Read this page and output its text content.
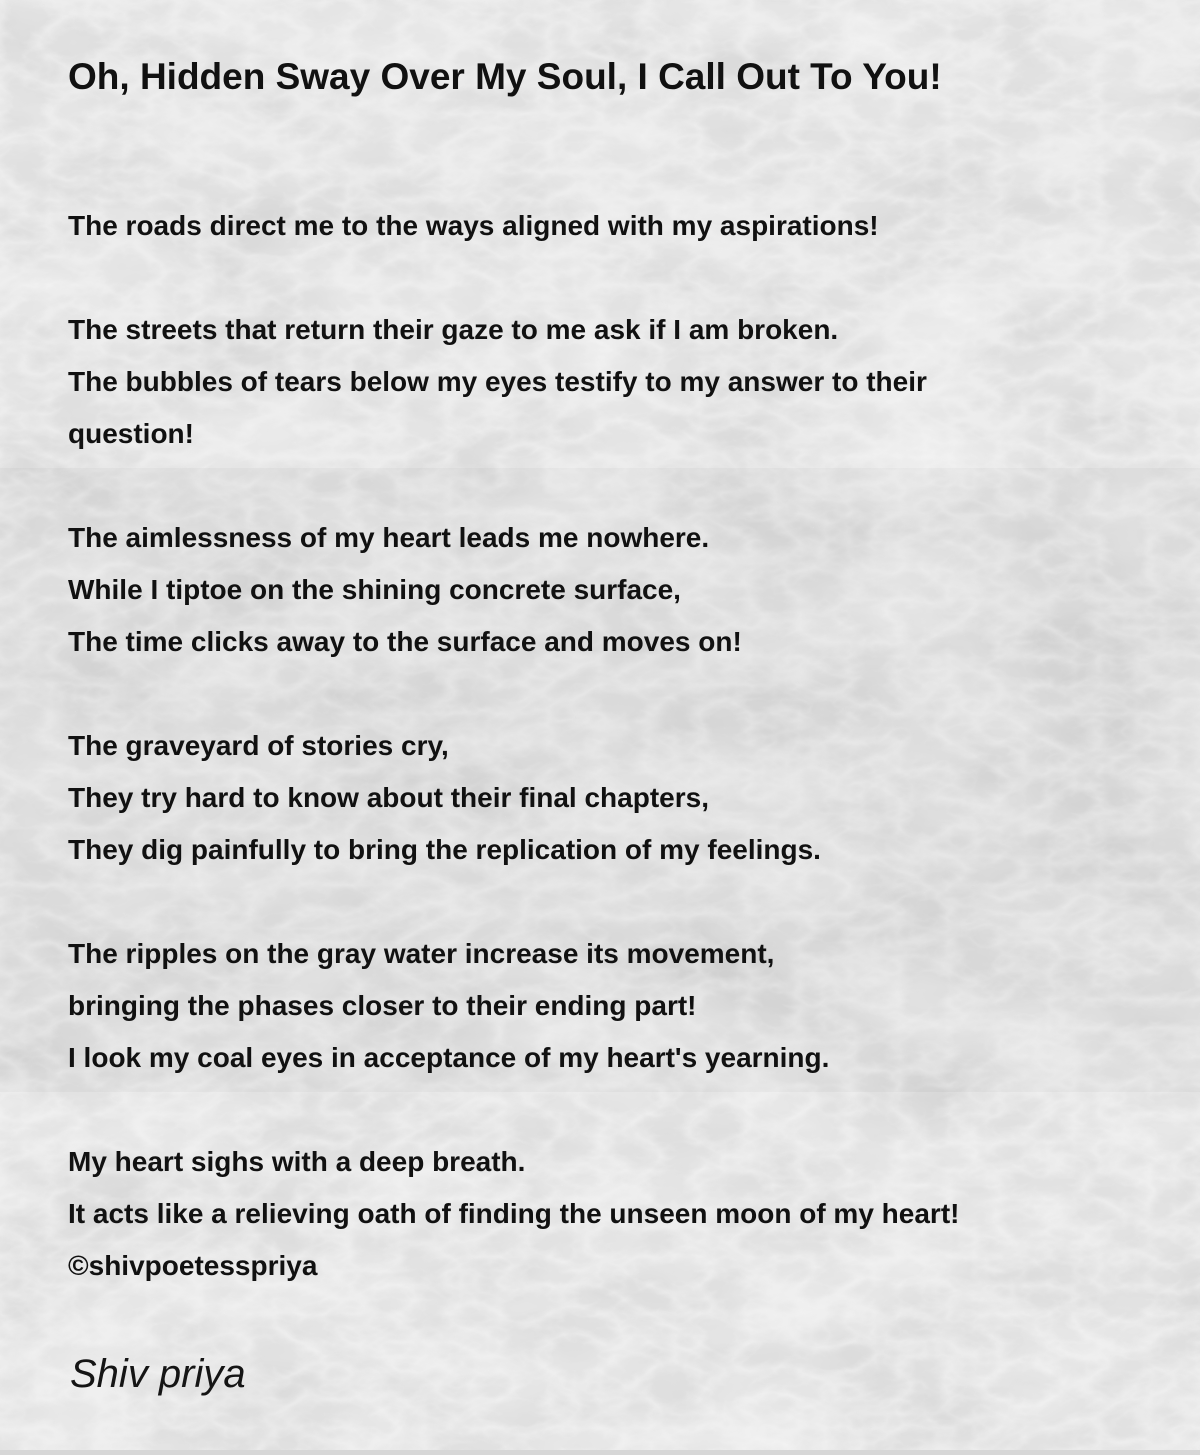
Oh, Hidden Sway Over My Soul, I Call Out To You!

The roads direct me to the ways aligned with my aspirations!

The streets that return their gaze to me ask if I am broken.

The bubbles of tears below my eyes testify to my answer to their

question!

The aimlessness of my heart leads me nowhere.

While I tiptoe on the shining concrete surface,

The time clicks away to the surface and moves on!

The graveyard of stories cry,

They try hard to know about their final chapters,

They dig painfully to bring the replication of my feelings.

The ripples on the gray water increase its movement,

bringing the phases closer to their ending part!

I look my coal eyes in acceptance of my heart's yearning.

My heart sighs with a deep breath.

It acts like a relieving oath of finding the unseen moon of my heart!

©shivpoetesspriya

Shiv priya
